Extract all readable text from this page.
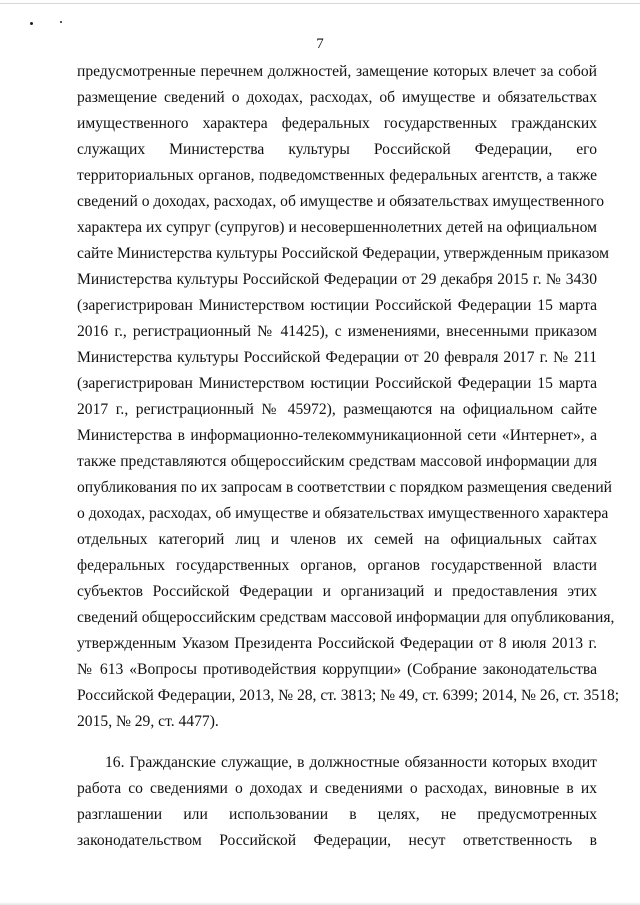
7
предусмотренные перечнем должностей, замещение которых влечет за собой
размещение сведений о доходах, расходах, об имуществе и обязательствах
имущественного характера федеральных государственных гражданских
служащих Министерства культуры Российской Федерации, его
территориальных органов, подведомственных федеральных агентств, а также
сведений о доходах, расходах, об имуществе и обязательствах имущественного
характера их супруг (супругов) и несовершеннолетних детей на официальном
сайте Министерства культуры Российской Федерации, утвержденным приказом
Министерства культуры Российской Федерации от 29 декабря 2015 г. № 3430
(зарегистрирован Министерством юстиции Российской Федерации 15 марта
2016 г., регистрационный № 41425), с изменениями, внесенными приказом
Министерства культуры Российской Федерации от 20 февраля 2017 г. № 211
(зарегистрирован Министерством юстиции Российской Федерации 15 марта
2017 г., регистрационный № 45972), размещаются на официальном сайте
Министерства в информационно-телекоммуникационной сети «Интернет», а
также представляются общероссийским средствам массовой информации для
опубликования по их запросам в соответствии с порядком размещения сведений
о доходах, расходах, об имуществе и обязательствах имущественного характера
отдельных категорий лиц и членов их семей на официальных сайтах
федеральных государственных органов, органов государственной власти
субъектов Российской Федерации и организаций и предоставления этих
сведений общероссийским средствам массовой информации для опубликования,
утвержденным Указом Президента Российской Федерации от 8 июля 2013 г.
№ 613 «Вопросы противодействия коррупции» (Собрание законодательства
Российской Федерации, 2013, № 28, ст. 3813; № 49, ст. 6399; 2014, № 26, ст. 3518;
2015, № 29, ст. 4477).
16. Гражданские служащие, в должностные обязанности которых входит
работа со сведениями о доходах и сведениями о расходах, виновные в их
разглашении или использовании в целях, не предусмотренных
законодательством Российской Федерации, несут ответственность в
